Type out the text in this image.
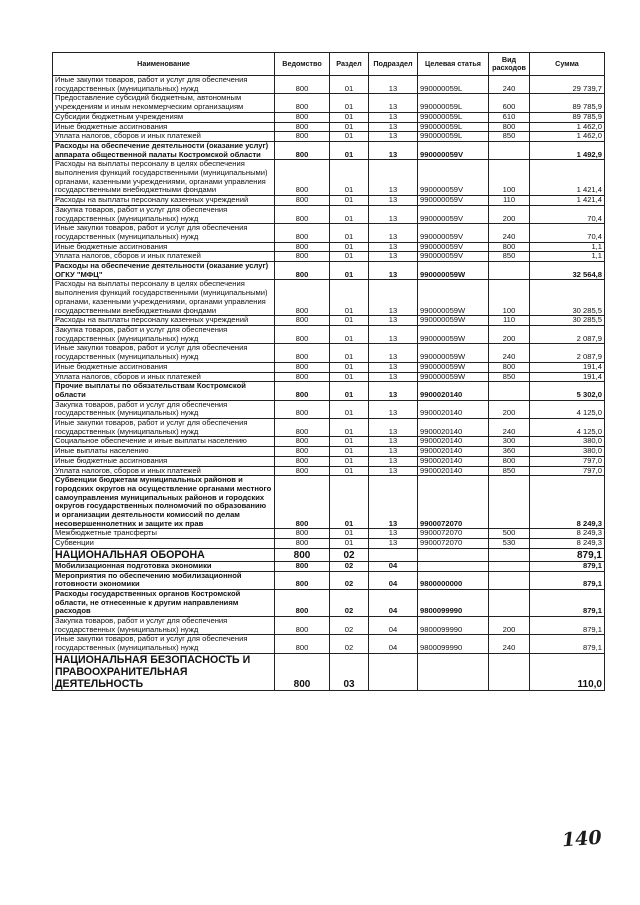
Наименование	Ведомство	Раздел	Подраздел	Целевая статья	Вид расходов	Сумма
Иные закупки товаров, работ и услуг для обеспечения государственных (муниципальных) нужд	800	01	13	990000059L	240	29 739,7
Предоставление субсидий бюджетным, автономным учреждениям и иным некоммерческим организациям	800	01	13	990000059L	600	89 785,9
Субсидии бюджетным учреждениям	800	01	13	990000059L	610	89 785,9
Иные бюджетные ассигнования	800	01	13	990000059L	800	1 462,0
Уплата налогов, сборов и иных платежей	800	01	13	990000059L	850	1 462,0
Расходы на обеспечение деятельности (оказание услуг) аппарата общественной палаты Костромской области	800	01	13	990000059V		1 492,9
Расходы на выплаты персоналу в целях обеспечения выполнения функций государственными (муниципальными) органами, казенными учреждениями, органами управления государственными внебюджетными фондами	800	01	13	990000059V	100	1 421,4
Расходы на выплаты персоналу казенных учреждений	800	01	13	990000059V	110	1 421,4
Закупка товаров, работ и услуг для обеспечения государственных (муниципальных) нужд	800	01	13	990000059V	200	70,4
Иные закупки товаров, работ и услуг для обеспечения государственных (муниципальных) нужд	800	01	13	990000059V	240	70,4
Иные бюджетные ассигнования	800	01	13	990000059V	800	1,1
Уплата налогов, сборов и иных платежей	800	01	13	990000059V	850	1,1
Расходы на обеспечение деятельности (оказание услуг) ОГКУ "МФЦ"	800	01	13	990000059W		32 564,8
Расходы на выплаты персоналу в целях обеспечения выполнения функций государственными (муниципальными) органами, казенными учреждениями, органами управления государственными внебюджетными фондами	800	01	13	990000059W	100	30 285,5
Расходы на выплаты персоналу казенных учреждений	800	01	13	990000059W	110	30 285,5
Закупка товаров, работ и услуг для обеспечения государственных (муниципальных) нужд	800	01	13	990000059W	200	2 087,9
Иные закупки товаров, работ и услуг для обеспечения государственных (муниципальных) нужд	800	01	13	990000059W	240	2 087,9
Иные бюджетные ассигнования	800	01	13	990000059W	800	191,4
Уплата налогов, сборов и иных платежей	800	01	13	990000059W	850	191,4
Прочие выплаты по обязательствам Костромской области	800	01	13	9900020140		5 302,0
Закупка товаров, работ и услуг для обеспечения государственных (муниципальных) нужд	800	01	13	9900020140	200	4 125,0
Иные закупки товаров, работ и услуг для обеспечения государственных (муниципальных) нужд	800	01	13	9900020140	240	4 125,0
Социальное обеспечение и иные выплаты населению	800	01	13	9900020140	300	380,0
Иные выплаты населению	800	01	13	9900020140	360	380,0
Иные бюджетные ассигнования	800	01	13	9900020140	800	797,0
Уплата налогов, сборов и иных платежей	800	01	13	9900020140	850	797,0
Субвенции бюджетам муниципальных районов и городских округов на осуществление органами местного самоуправления муниципальных районов и городских округов государственных полномочий по образованию и организации деятельности комиссий по делам несовершеннолетних и защите их прав	800	01	13	9900072070		8 249,3
Межбюджетные трансферты	800	01	13	9900072070	500	8 249,3
Субвенции	800	01	13	9900072070	530	8 249,3
НАЦИОНАЛЬНАЯ ОБОРОНА	800	02				879,1
Мобилизационная подготовка экономики	800	02	04			879,1
Мероприятия по обеспечению мобилизационной готовности экономики	800	02	04	9800000000		879,1
Расходы государственных органов Костромской области, не отнесенные к другим направлениям расходов	800	02	04	9800099990		879,1
Закупка товаров, работ и услуг для обеспечения государственных (муниципальных) нужд	800	02	04	9800099990	200	879,1
Иные закупки товаров, работ и услуг для обеспечения государственных (муниципальных) нужд	800	02	04	9800099990	240	879,1
НАЦИОНАЛЬНАЯ БЕЗОПАСНОСТЬ И ПРАВООХРАНИТЕЛЬНАЯ ДЕЯТЕЛЬНОСТЬ	800	03				110,0
140
